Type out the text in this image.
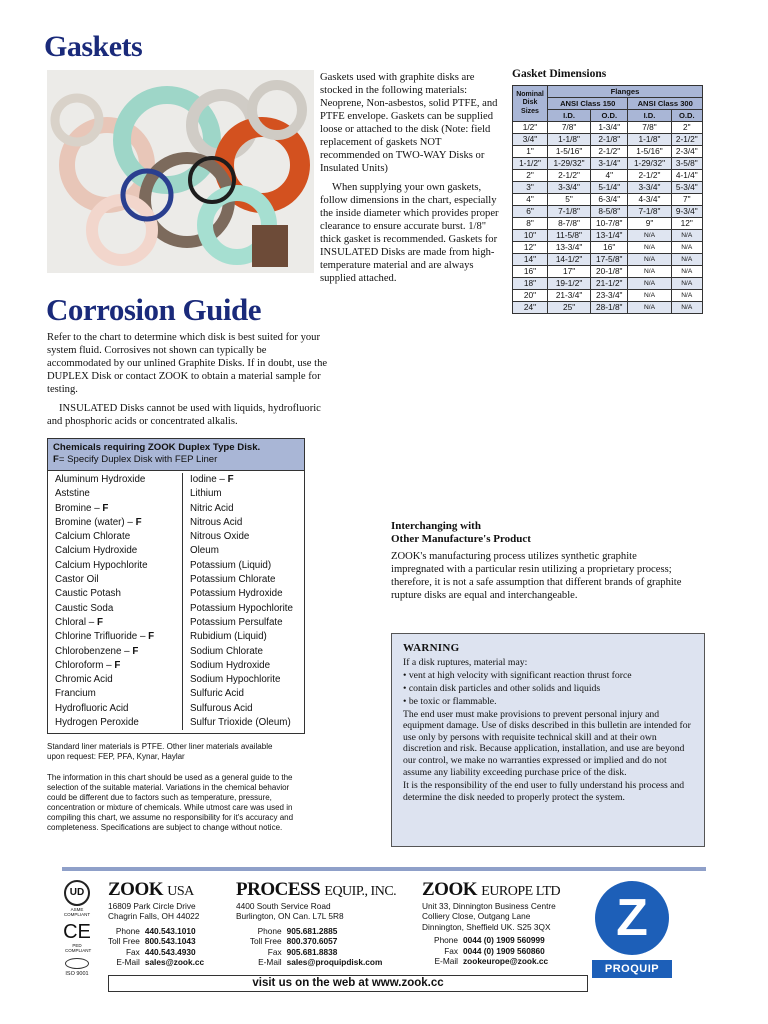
Gaskets

Gaskets used with graphite disks are stocked in the following materials: Neoprene, Non-asbestos, solid PTFE, and PTFE envelope. Gaskets can be supplied loose or attached to the disk (Note: field replacement of gaskets NOT recommended on TWO-WAY Disks or Insulated Units)

When supplying your own gaskets, follow dimensions in the chart, especially the inside diameter which provides proper clearance to ensure accurate burst. 1/8" thick gasket is recommended. Gaskets for INSULATED Disks are made from high-temperature material and are always supplied attached.

Gasket Dimensions
Nominal Disk Sizes	Flanges			
	ANSI Class 150		ANSI Class 300	
	I.D.	O.D.	I.D.	O.D.
1/2"	7/8"	1-3/4"	7/8"	2"
3/4"	1-1/8"	2-1/8"	1-1/8"	2-1/2"
1"	1-5/16"	2-1/2"	1-5/16"	2-3/4"
1-1/2"	1-29/32"	3-1/4"	1-29/32"	3-5/8"
2"	2-1/2"	4"	2-1/2"	4-1/4"
3"	3-3/4"	5-1/4"	3-3/4"	5-3/4"
4"	5"	6-3/4"	4-3/4"	7"
6"	7-1/8"	8-5/8"	7-1/8"	9-3/4"
8"	8-7/8"	10-7/8"	9"	12"
10"	11-5/8"	13-1/4"	N/A	N/A
12"	13-3/4"	16"	N/A	N/A
14"	14-1/2"	17-5/8"	N/A	N/A
16"	17"	20-1/8"	N/A	N/A
18"	19-1/2"	21-1/2"	N/A	N/A
20"	21-3/4"	23-3/4"	N/A	N/A
24"	25"	28-1/8"	N/A	N/A
Corrosion Guide

Refer to the chart to determine which disk is best suited for your system fluid. Corrosives not shown can typically be accommodated by our unlined Graphite Disks. If in doubt, use the DUPLEX Disk or contact ZOOK to obtain a material sample for testing.

INSULATED Disks cannot be used with liquids, hydrofluoric and phosphoric acids or concentrated alkalis.

Chemicals requiring ZOOK Duplex Type Disk.
F= Specify Duplex Disk with FEP Liner
Aluminum Hydroxide
Aststine
Bromine – F
Bromine (water) – F
Calcium Chlorate
Calcium Hydroxide
Calcium Hypochlorite
Castor Oil
Caustic Potash
Caustic Soda
Chloral – F
Chlorine Trifluoride – F
Chlorobenzene – F
Chloroform – F
Chromic Acid
Francium
Hydrofluoric Acid
Hydrogen Peroxide
Iodine – F
Lithium
Nitric Acid
Nitrous Acid
Nitrous Oxide
Oleum
Potassium (Liquid)
Potassium Chlorate
Potassium Hydroxide
Potassium Hypochlorite
Potassium Persulfate
Rubidium (Liquid)
Sodium Chlorate
Sodium Hydroxide
Sodium Hypochlorite
Sulfuric Acid
Sulfurous Acid
Sulfur Trioxide (Oleum)
Standard liner materials is PTFE. Other liner materials available upon request: FEP, PFA, Kynar, Haylar
The information in this chart should be used as a general guide to the selection of the suitable material. Variations in the chemical behavior could be different due to factors such as temperature, pressure, concentration or mixture of chemicals. While utmost care was used in compiling this chart, we assume no responsibility for it's accuracy and completeness. Specifications are subject to change without notice.
Interchanging with
Other Manufacture's Product
ZOOK's manufacturing process utilizes synthetic graphite impregnated with a particular resin utilizing a proprietary process; therefore, it is not a safe assumption that different brands of graphite rupture disks are equal and interchangeable.
WARNING
If a disk ruptures, material may:
• vent at high velocity with significant reaction thrust force
• contain disk particles and other solids and liquids
• be toxic or flammable.
The end user must make provisions to prevent personal injury and equipment damage. Use of disks described in this bulletin are intended for use only by persons with requisite technical skill and at their own discretion and risk. Because application, installation, and use are beyond our control, we make no warranties expressed or implied and do not assume any liability exceeding purchase price of the disk.
It is the responsibility of the end user to fully understand his process and determine the disk needed to properly protect the system.
UD
ASME COMPLIANT
CE
PED COMPLIANT
ISO 9001
ZOOK USA
16809 Park Circle Drive
Chagrin Falls, OH 44022
Phone 440.543.1010
Toll Free 800.543.1043
Fax 440.543.4930
E-Mail sales@zook.cc
PROCESS EQUIP., INC.
4400 South Service Road
Burlington, ON Can. L7L 5R8
Phone 905.681.2885
Toll Free 800.370.6057
Fax 905.681.8838
E-Mail sales@proquipdisk.com
ZOOK EUROPE LTD
Unit 33, Dinnington Business Centre
Colliery Close, Outgang Lane
Dinnington, Sheffield UK. S25 3QX
Phone 0044 (0) 1909 560999
Fax 0044 (0) 1909 560860
E-Mail zookeurope@zook.cc
Z
PROQUIP
visit us on the web at www.zook.cc
